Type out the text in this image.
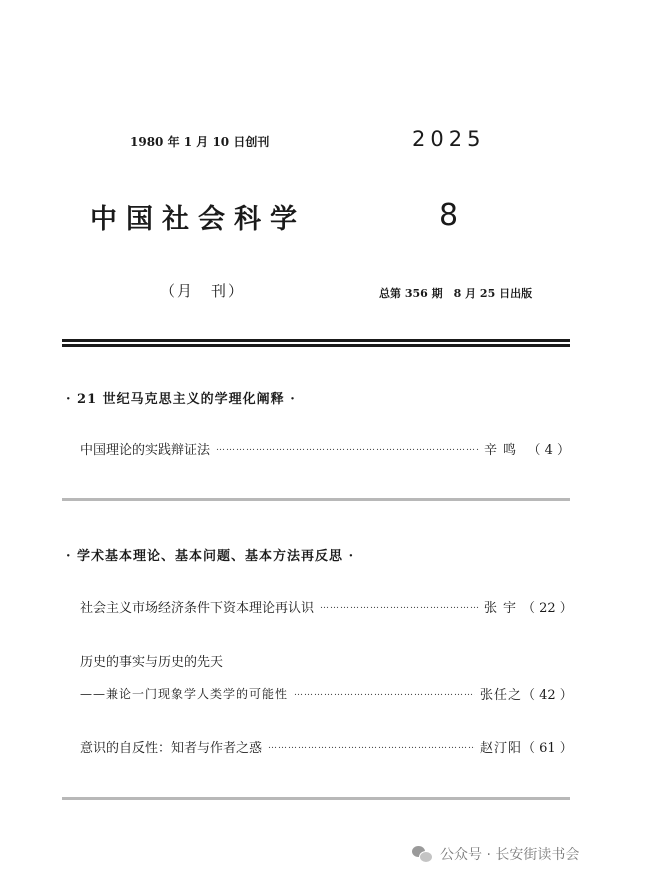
1980 年 1 月 10 日创刊	2025
中国社会科学	8
（月　刊）	总第 356 期　8 月 25 日出版
· 21 世纪马克思主义的学理化阐释 ·
中国理论的实践辩证法 ……………………………………………………………………………………………………………………………………………	辛鸣 （ 4 ）
· 学术基本理论、基本问题、基本方法再反思 ·
社会主义市场经济条件下资本理论再认识 ……………………………………………………………………………………………………………………………………………	张宇 （ 22 ）
历史的事实与历史的先天
——兼论一门现象学人类学的可能性 ……………………………………………………………………………………………………………………………………………	张任之 （ 42 ）
意识的自反性：知者与作者之惑 ……………………………………………………………………………………………………………………………………………	赵汀阳 （ 61 ）
公众号 · 长安街读书会
